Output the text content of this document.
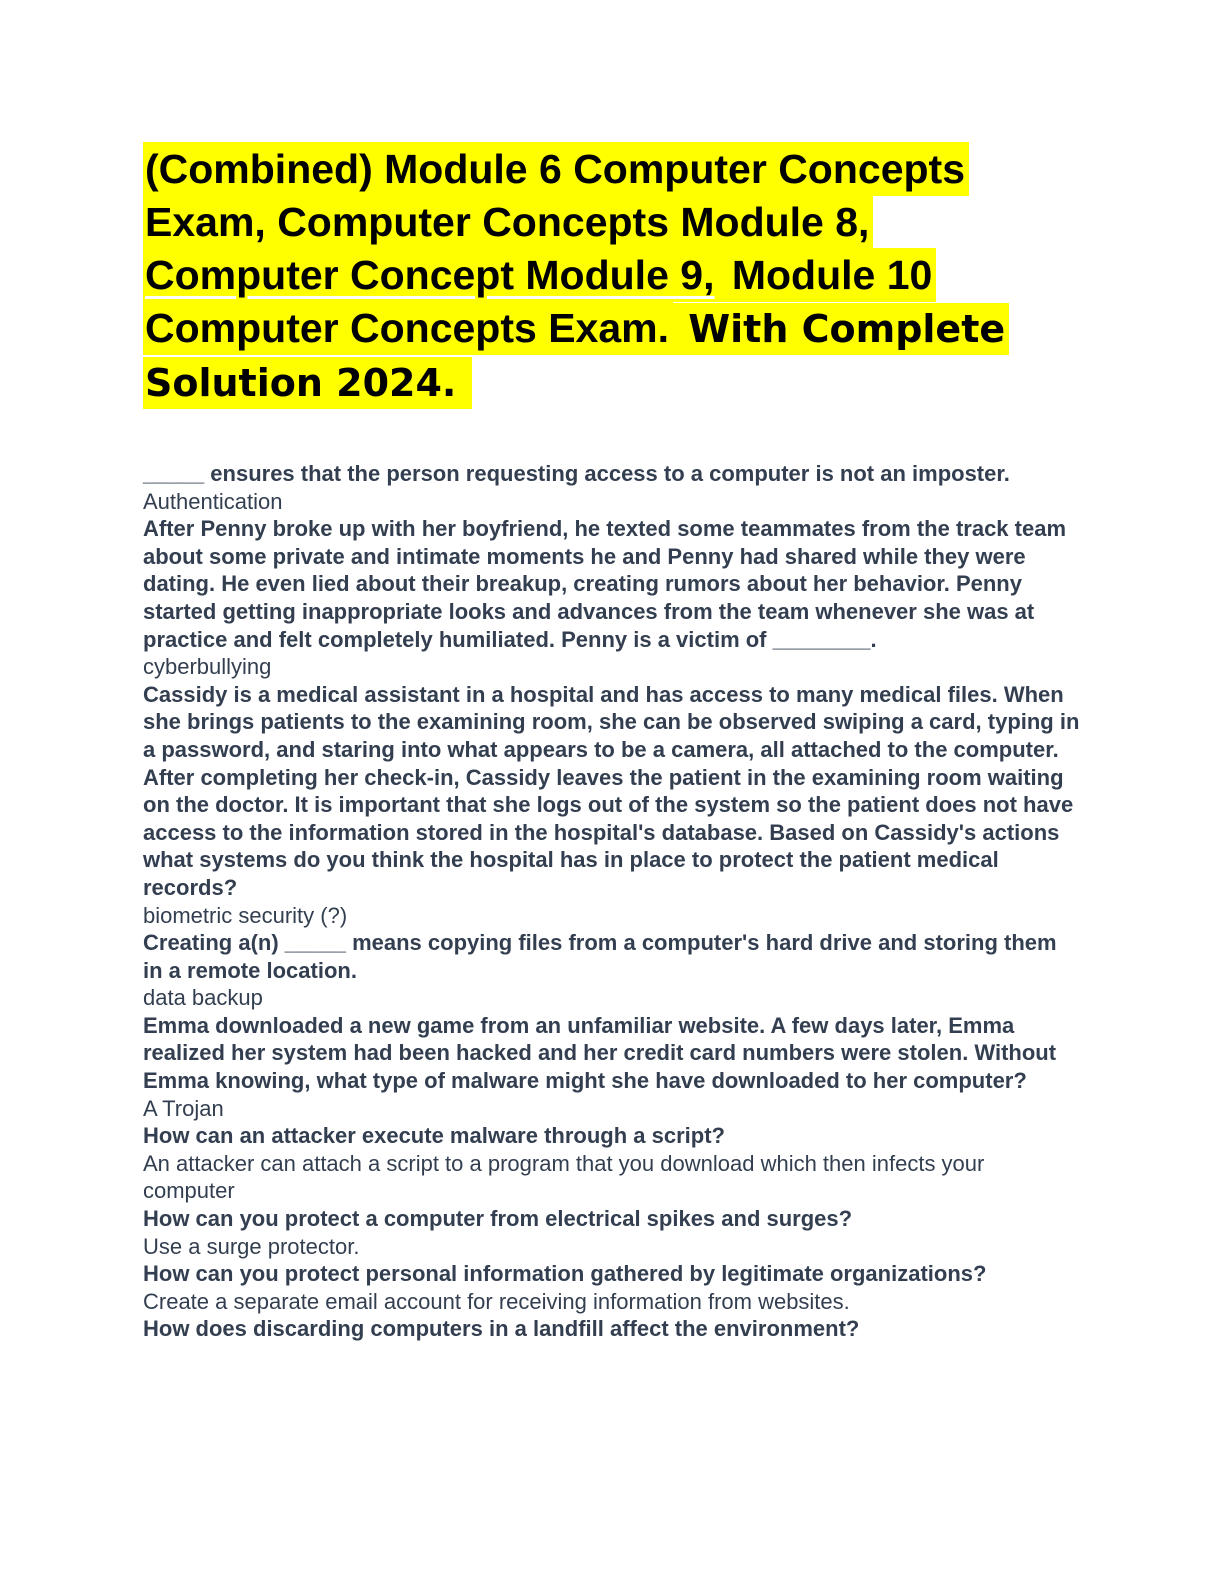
(Combined) Module 6 Computer Concepts
Exam, Computer Concepts Module 8,
Computer Concept Module 9, Module 10
Computer Concepts Exam. With Complete
Solution 2024.

_____ ensures that the person requesting access to a computer is not an imposter.

Authentication

After Penny broke up with her boyfriend, he texted some teammates from the track team about some private and intimate moments he and Penny had shared while they were dating. He even lied about their breakup, creating rumors about her behavior. Penny started getting inappropriate looks and advances from the team whenever she was at practice and felt completely humiliated. Penny is a victim of ________.

cyberbullying

Cassidy is a medical assistant in a hospital and has access to many medical files. When she brings patients to the examining room, she can be observed swiping a card, typing in a password, and staring into what appears to be a camera, all attached to the computer. After completing her check-in, Cassidy leaves the patient in the examining room waiting on the doctor. It is important that she logs out of the system so the patient does not have access to the information stored in the hospital's database. Based on Cassidy's actions what systems do you think the hospital has in place to protect the patient medical records?

biometric security (?)

Creating a(n) _____ means copying files from a computer's hard drive and storing them in a remote location.

data backup

Emma downloaded a new game from an unfamiliar website. A few days later, Emma realized her system had been hacked and her credit card numbers were stolen. Without Emma knowing, what type of malware might she have downloaded to her computer?

A Trojan

How can an attacker execute malware through a script?

An attacker can attach a script to a program that you download which then infects your computer

How can you protect a computer from electrical spikes and surges?

Use a surge protector.

How can you protect personal information gathered by legitimate organizations?

Create a separate email account for receiving information from websites.

How does discarding computers in a landfill affect the environment?
